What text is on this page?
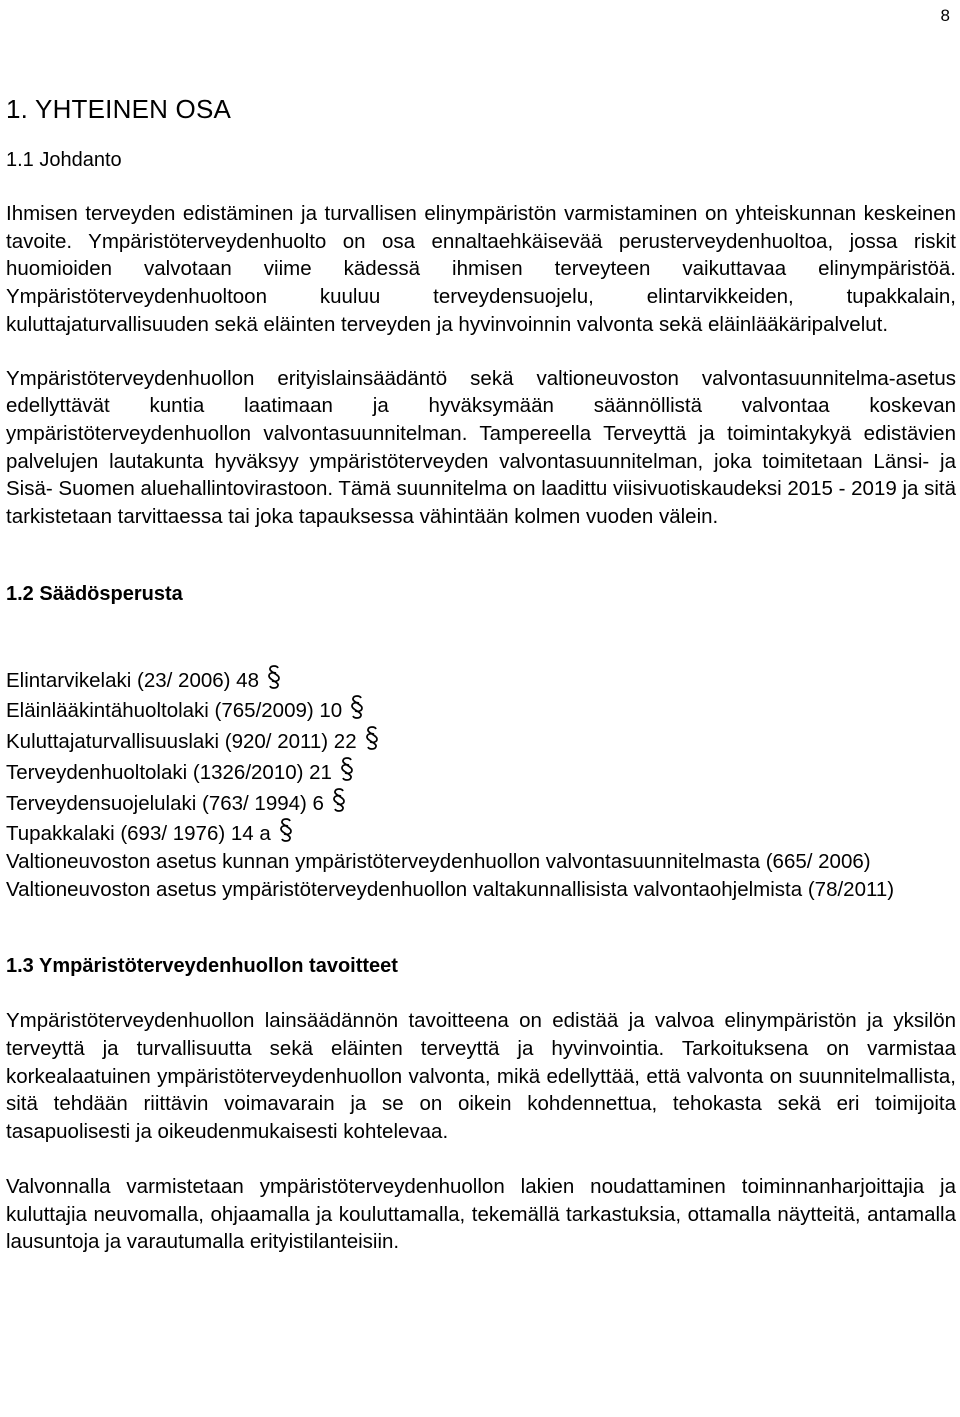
8
1. YHTEINEN OSA
1.1 Johdanto

Ihmisen terveyden edistäminen ja turvallisen elinympäristön varmistaminen on yhteiskunnan keskeinen tavoite. Ympäristöterveydenhuolto on osa ennaltaehkäisevää perusterveydenhuoltoa, jossa riskit huomioiden valvotaan viime kädessä ihmisen terveyteen vaikuttavaa elinympäristöä. Ympäristöterveydenhuoltoon kuuluu terveydensuojelu, elintarvikkeiden, tupakkalain, kuluttajaturvallisuuden sekä eläinten terveyden ja hyvinvoinnin valvonta sekä eläinlääkäripalvelut.

Ympäristöterveydenhuollon erityislainsäädäntö sekä valtioneuvoston valvontasuunnitelma-asetus edellyttävät kuntia laatimaan ja hyväksymään säännöllistä valvontaa koskevan ympäristöterveydenhuollon valvontasuunnitelman. Tampereella Terveyttä ja toimintakykyä edistävien palvelujen lautakunta hyväksyy ympäristöterveyden valvontasuunnitelman, joka toimitetaan Länsi- ja Sisä- Suomen aluehallintovirastoon. Tämä suunnitelma on laadittu viisivuotiskaudeksi 2015 - 2019 ja sitä tarkistetaan tarvittaessa tai joka tapauksessa vähintään kolmen vuoden välein.

1.2 Säädösperusta
Elintarvikelaki (23/ 2006) 48
Eläinlääkintähuoltolaki (765/2009) 10
Kuluttajaturvallisuuslaki (920/ 2011) 22
Terveydenhuoltolaki (1326/2010) 21
Terveydensuojelulaki (763/ 1994) 6
Tupakkalaki (693/ 1976) 14 a
Valtioneuvoston asetus kunnan ympäristöterveydenhuollon valvontasuunnitelmasta (665/ 2006)
Valtioneuvoston asetus ympäristöterveydenhuollon valtakunnallisista valvontaohjelmista (78/2011)
1.3 Ympäristöterveydenhuollon tavoitteet

Ympäristöterveydenhuollon lainsäädännön tavoitteena on edistää ja valvoa elinympäristön ja yksilön terveyttä ja turvallisuutta sekä eläinten terveyttä ja hyvinvointia. Tarkoituksena on varmistaa korkealaatuinen ympäristöterveydenhuollon valvonta, mikä edellyttää, että valvonta on suunnitelmallista, sitä tehdään riittävin voimavarain ja se on oikein kohdennettua, tehokasta sekä eri toimijoita tasapuolisesti ja oikeudenmukaisesti kohtelevaa.

Valvonnalla varmistetaan ympäristöterveydenhuollon lakien noudattaminen toiminnanharjoittajia ja kuluttajia neuvomalla, ohjaamalla ja kouluttamalla, tekemällä tarkastuksia, ottamalla näytteitä, antamalla lausuntoja ja varautumalla erityistilanteisiin.
